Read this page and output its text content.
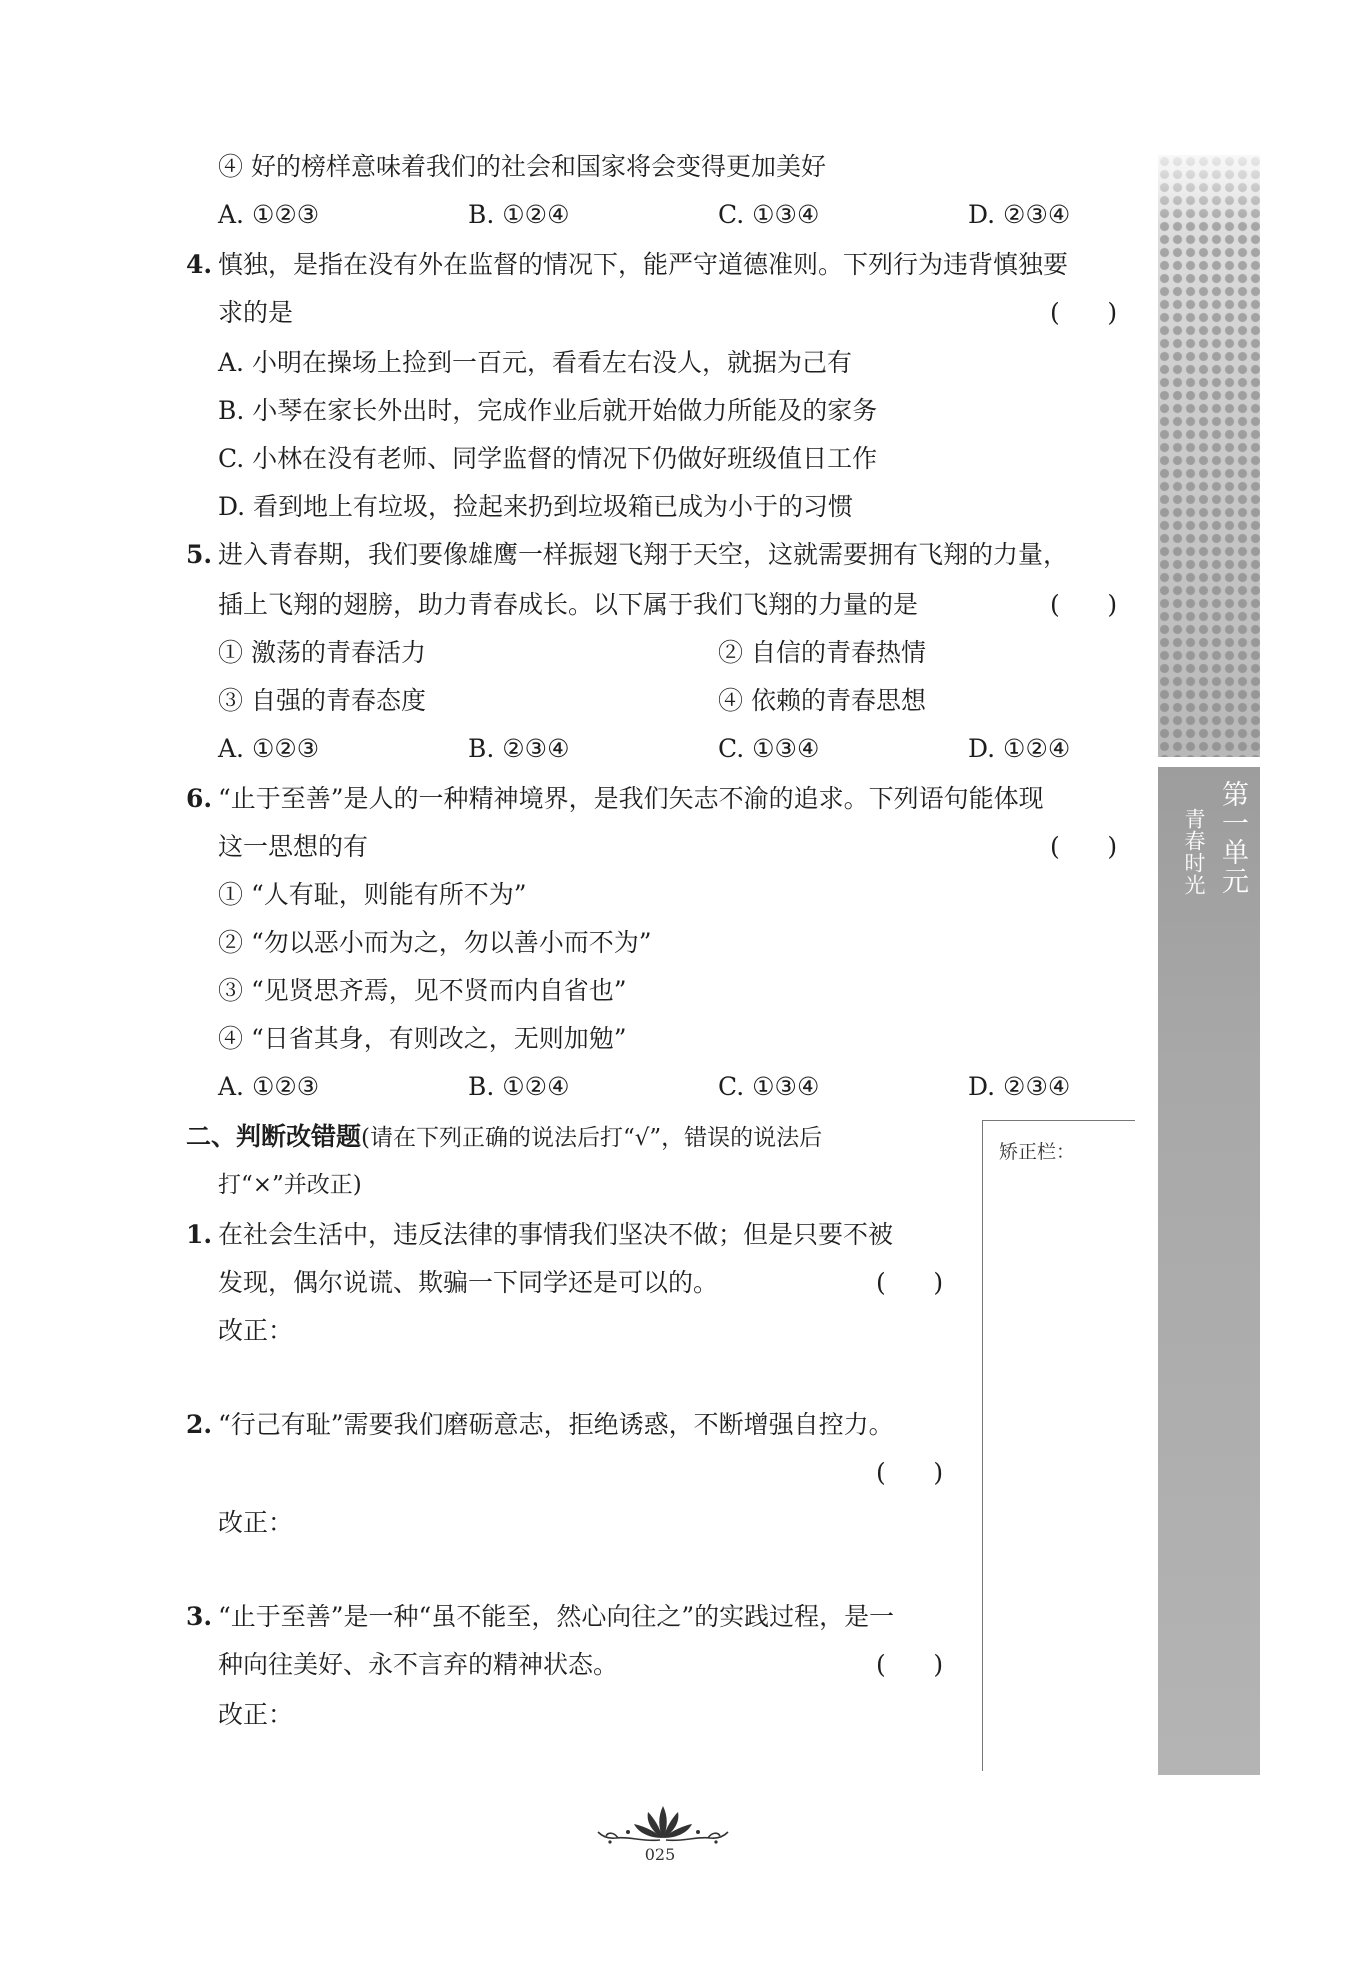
④ 好的榜样意味着我们的社会和国家将会变得更加美好
A. ①②③	B. ①②④	C. ①③④	D. ②③④
4. 慎独，是指在没有外在监督的情况下，能严守道德准则。下列行为违背慎独要
求的是	(      )
A. 小明在操场上捡到一百元，看看左右没人，就据为己有
B. 小琴在家长外出时，完成作业后就开始做力所能及的家务
C. 小林在没有老师、同学监督的情况下仍做好班级值日工作
D. 看到地上有垃圾，捡起来扔到垃圾箱已成为小于的习惯
5. 进入青春期，我们要像雄鹰一样振翅飞翔于天空，这就需要拥有飞翔的力量，
插上飞翔的翅膀，助力青春成长。以下属于我们飞翔的力量的是	(      )
① 激荡的青春活力	② 自信的青春热情
③ 自强的青春态度	④ 依赖的青春思想
A. ①②③	B. ②③④	C. ①③④	D. ①②④
6. “止于至善”是人的一种精神境界，是我们矢志不渝的追求。下列语句能体现
这一思想的有	(      )
① “人有耻，则能有所不为”
② “勿以恶小而为之，勿以善小而不为”
③ “见贤思齐焉，见不贤而内自省也”
④ “日省其身，有则改之，无则加勉”
A. ①②③	B. ①②④	C. ①③④	D. ②③④
二、判断改错题(请在下列正确的说法后打“√”，错误的说法后
打“×”并改正)
矫正栏：
1. 在社会生活中，违反法律的事情我们坚决不做；但是只要不被
发现，偶尔说谎、欺骗一下同学还是可以的。	(      )
改正：
2. “行己有耻”需要我们磨砺意志，拒绝诱惑，不断增强自控力。
(      )
改正：
3. “止于至善”是一种“虽不能至，然心向往之”的实践过程，是一
种向往美好、永不言弃的精神状态。	(      )
改正：
第一单元
青春时光
025
